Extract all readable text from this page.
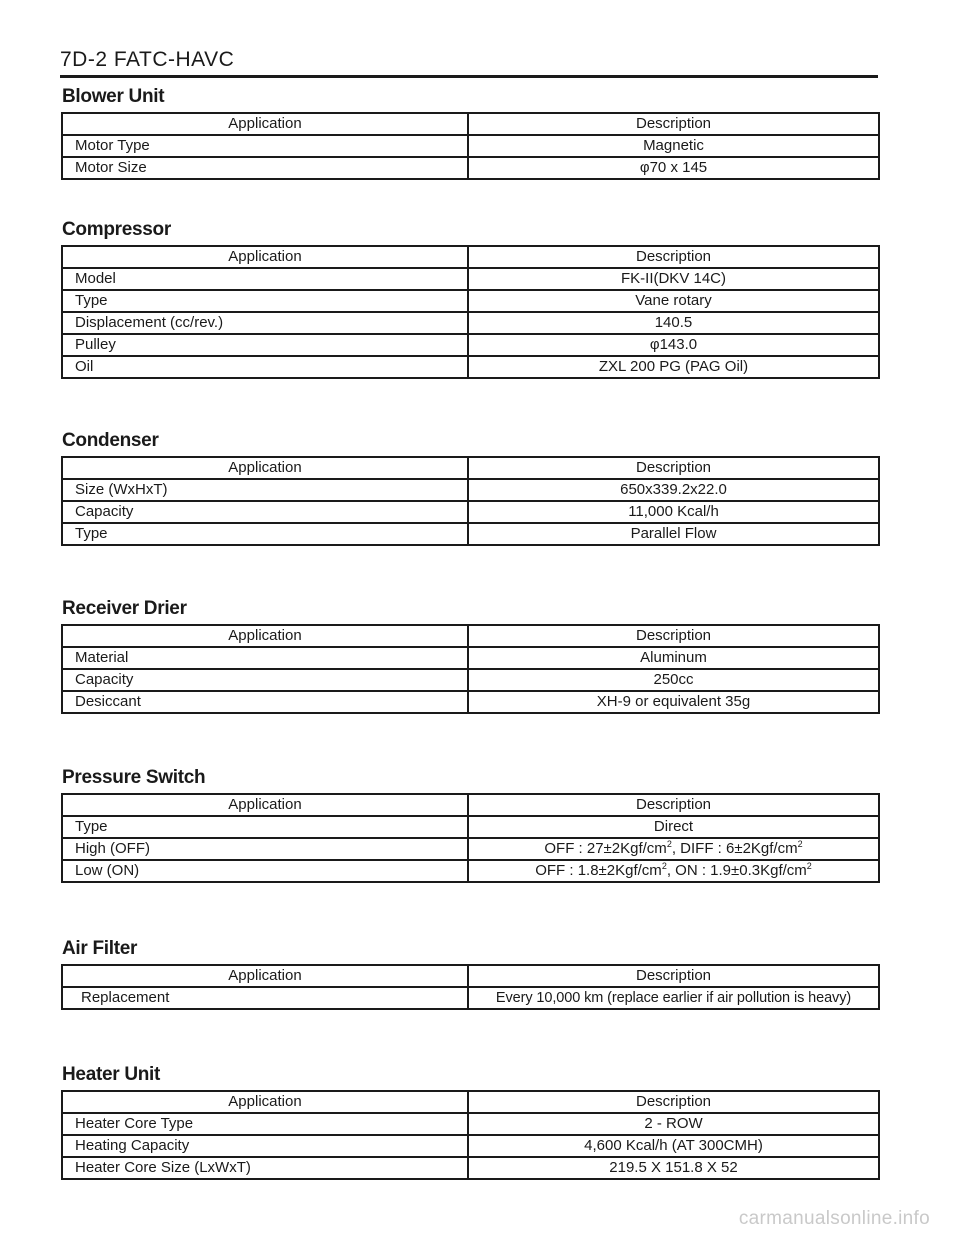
7D-2 FATC-HAVC
Blower Unit
Application	Description
Motor Type	Magnetic
Motor Size	φ70 x 145
Compressor
Application	Description
Model	FK-II(DKV 14C)
Type	Vane rotary
Displacement (cc/rev.)	140.5
Pulley	φ143.0
Oil	ZXL 200 PG (PAG Oil)
Condenser
Application	Description
Size (WxHxT)	650x339.2x22.0
Capacity	11,000 Kcal/h
Type	Parallel Flow
Receiver Drier
Application	Description
Material	Aluminum
Capacity	250cc
Desiccant	XH-9 or equivalent 35g
Pressure Switch
Application	Description
Type	Direct
High (OFF)	OFF : $27\pm 2Kgf/cm^2$, DIFF : $6\pm 2Kgf/cm^2$
Low (ON)	OFF : $1.8\pm 2Kgf/cm^2$, ON : $1.9\pm 0.3Kgf/cm^2$
Air Filter
Application	Description
Replacement	Every 10,000 km (replace earlier if air pollution is heavy)
Heater Unit
Application	Description
Heater Core Type	2 - ROW
Heating Capacity	4,600 Kcal/h (AT 300CMH)
Heater Core Size (LxWxT)	219.5 X 151.8 X 52
carmanualsonline.info
